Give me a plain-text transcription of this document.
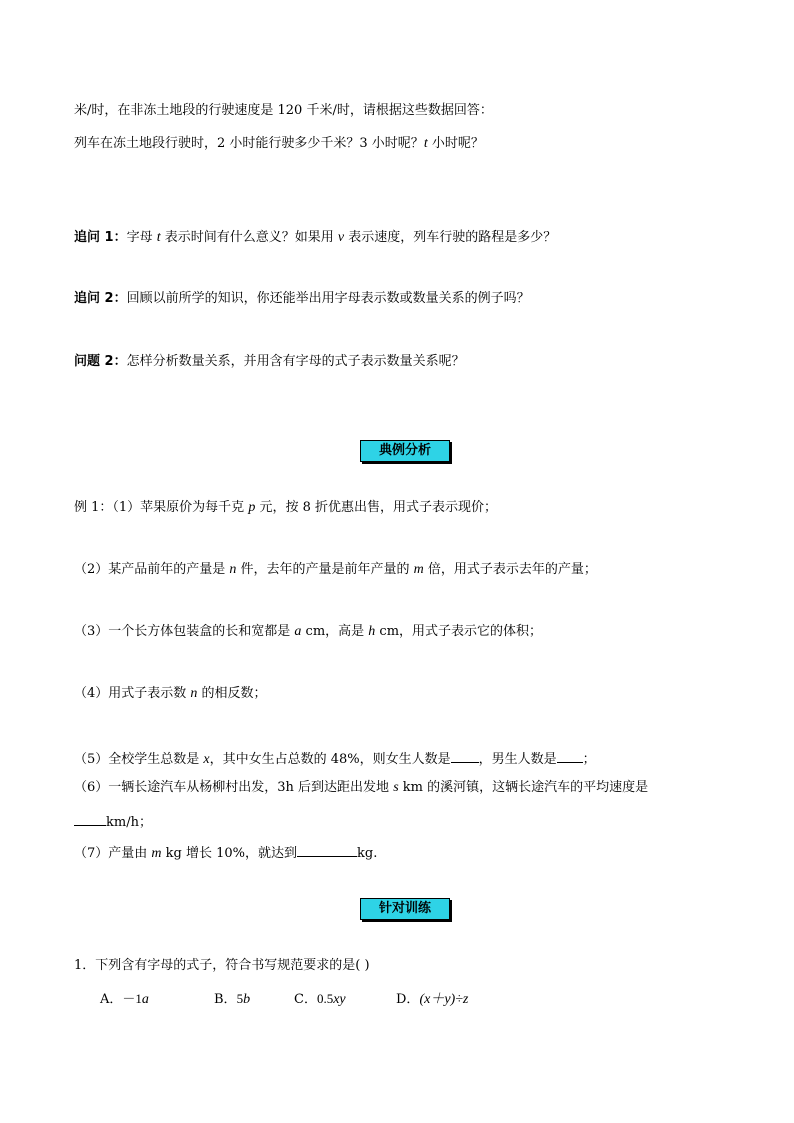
米/时，在非冻土地段的行驶速度是 120 千米/时，请根据这些数据回答：
列车在冻土地段行驶时，2 小时能行驶多少千米？3 小时呢？t 小时呢？
追问 1：字母 t 表示时间有什么意义？如果用 v 表示速度，列车行驶的路程是多少？
追问 2：回顾以前所学的知识，你还能举出用字母表示数或数量关系的例子吗？
问题 2：怎样分析数量关系，并用含有字母的式子表示数量关系呢？
典例分析
例 1：（1）苹果原价为每千克 p 元，按 8 折优惠出售，用式子表示现价；
（2）某产品前年的产量是 n 件，去年的产量是前年产量的 m 倍，用式子表示去年的产量；
（3）一个长方体包装盒的长和宽都是 a cm，高是 h cm，用式子表示它的体积；
（4）用式子表示数 n 的相反数；
（5）全校学生总数是 x，其中女生占总数的 48%，则女生人数是 ，男生人数是 ；
（6）一辆长途汽车从杨柳村出发，3h 后到达距出发地 s km 的溪河镇，这辆长途汽车的平均速度是
km/h；
（7）产量由 m kg 增长 10%，就达到	kg.
针对训练
1．下列含有字母的式子，符合书写规范要求的是( )
A．－1a	B．5b	C．0.5xy	D．(x＋y)÷z
